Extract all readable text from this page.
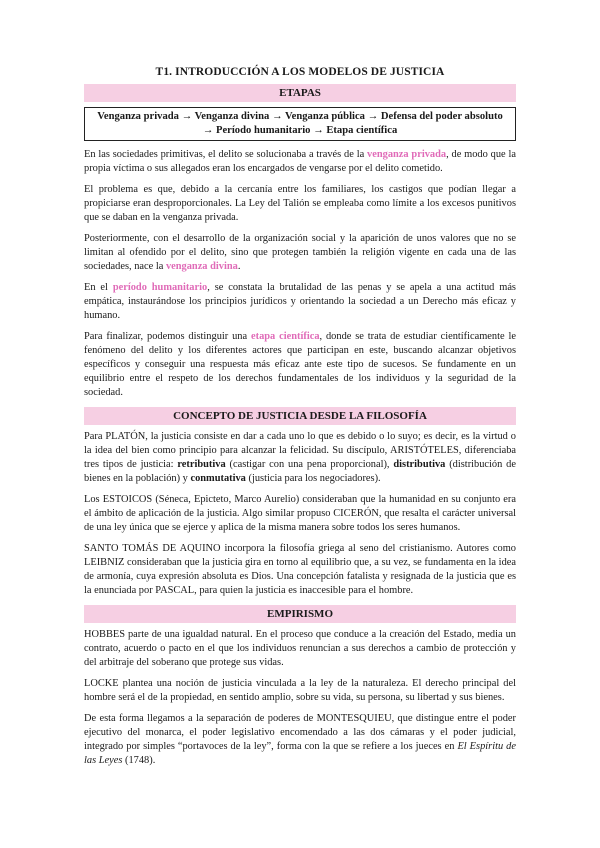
T1. INTRODUCCIÓN A LOS MODELOS DE JUSTICIA
ETAPAS
Venganza privada → Venganza divina → Venganza pública → Defensa del poder absoluto
→ Período humanitario → Etapa científica

En las sociedades primitivas, el delito se solucionaba a través de la venganza privada, de modo que la propia víctima o sus allegados eran los encargados de vengarse por el delito cometido.

El problema es que, debido a la cercanía entre los familiares, los castigos que podían llegar a propiciarse eran desproporcionales. La Ley del Talión se empleaba como límite a los excesos punitivos que se daban en la venganza privada.

Posteriormente, con el desarrollo de la organización social y la aparición de unos valores que no se limitan al ofendido por el delito, sino que protegen también la religión vigente en cada una de las sociedades, nace la venganza divina.

En el período humanitario, se constata la brutalidad de las penas y se apela a una actitud más empática, instaurándose los principios jurídicos y orientando la sociedad a un Derecho más eficaz y humano.

Para finalizar, podemos distinguir una etapa científica, donde se trata de estudiar científicamente le fenómeno del delito y los diferentes actores que participan en este, buscando alcanzar objetivos específicos y conseguir una respuesta más eficaz ante este tipo de sucesos. Se fundamente en un equilibrio entre el respeto de los derechos fundamentales de los individuos y la seguridad de la sociedad.

CONCEPTO DE JUSTICIA DESDE LA FILOSOFÍA

Para PLATÓN, la justicia consiste en dar a cada uno lo que es debido o lo suyo; es decir, es la virtud o la idea del bien como principio para alcanzar la felicidad. Su discípulo, ARISTÓTELES, diferenciaba tres tipos de justicia: retributiva (castigar con una pena proporcional), distributiva (distribución de bienes en la población) y conmutativa (justicia para los negociadores).

Los ESTOICOS (Séneca, Epicteto, Marco Aurelio) consideraban que la humanidad en su conjunto era el ámbito de aplicación de la justicia. Algo similar propuso CICERÓN, que resalta el carácter universal de una ley única que se ejerce y aplica de la misma manera sobre todos los seres humanos.

SANTO TOMÁS DE AQUINO incorpora la filosofía griega al seno del cristianismo. Autores como LEIBNIZ consideraban que la justicia gira en torno al equilibrio que, a su vez, se fundamenta en la idea de armonía, cuya expresión absoluta es Dios. Una concepción fatalista y resignada de la justicia que es la enunciada por PASCAL, para quien la justicia es inaccesible para el hombre.

EMPIRISMO

HOBBES parte de una igualdad natural. En el proceso que conduce a la creación del Estado, media un contrato, acuerdo o pacto en el que los individuos renuncian a sus derechos a cambio de protección y del arbitraje del soberano que protege sus vidas.

LOCKE plantea una noción de justicia vinculada a la ley de la naturaleza. El derecho principal del hombre será el de la propiedad, en sentido amplio, sobre su vida, su persona, su libertad y sus bienes.

De esta forma llegamos a la separación de poderes de MONTESQUIEU, que distingue entre el poder ejecutivo del monarca, el poder legislativo encomendado a las dos cámaras y el poder judicial, integrado por simples “portavoces de la ley”, forma con la que se refiere a los jueces en El Espíritu de las Leyes (1748).
